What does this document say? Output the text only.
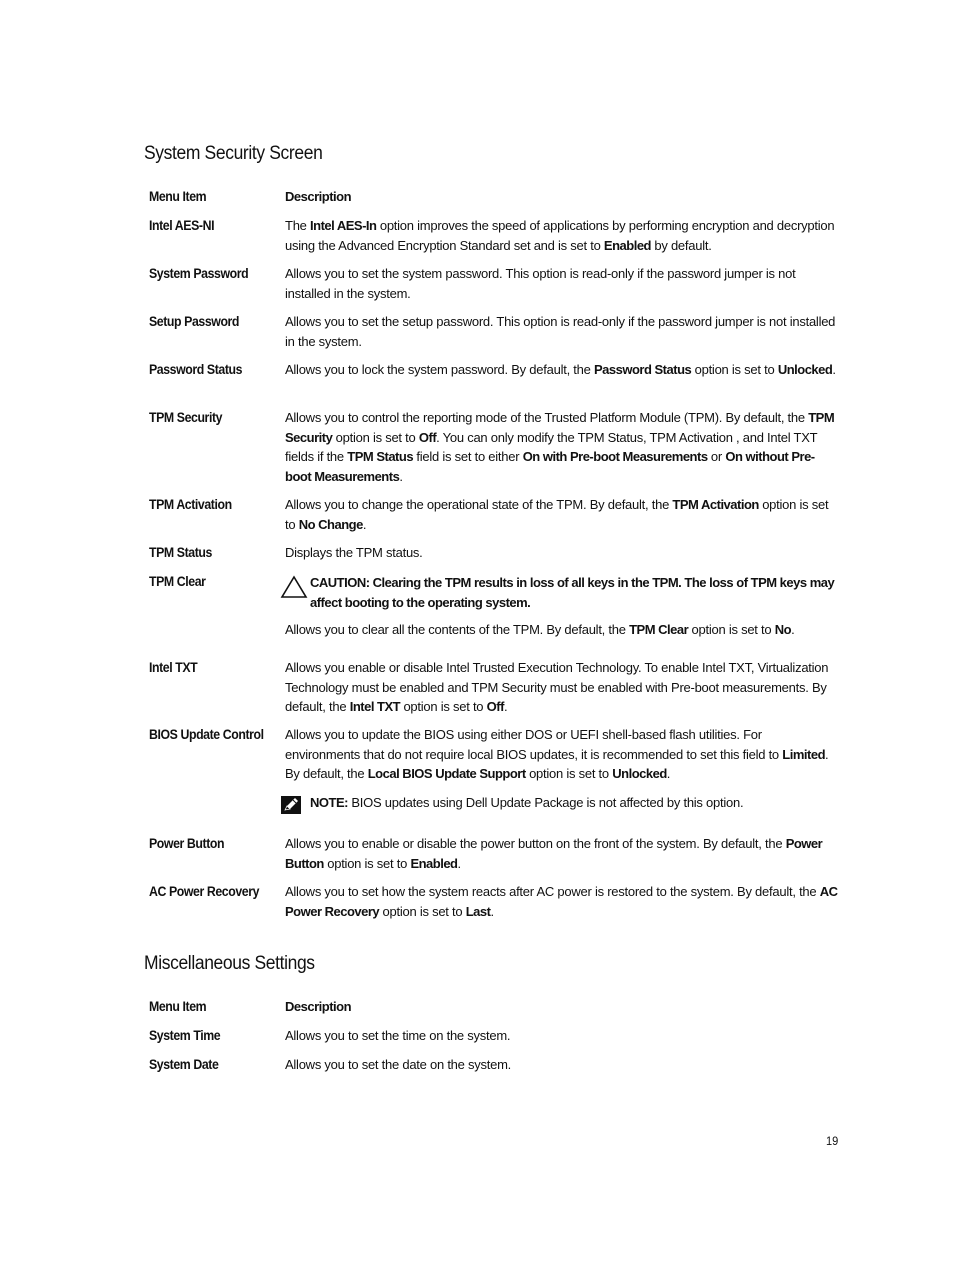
System Security Screen
Menu Item	Description
Intel AES-NI	The Intel AES-In option improves the speed of applications by performing encryption and decryption using the Advanced Encryption Standard set and is set to Enabled by default.
System Password	Allows you to set the system password. This option is read-only if the password jumper is not installed in the system.
Setup Password	Allows you to set the setup password. This option is read-only if the password jumper is not installed in the system.
Password Status	Allows you to lock the system password. By default, the Password Status option is set to Unlocked.
TPM Security	Allows you to control the reporting mode of the Trusted Platform Module (TPM). By default, the TPM Security option is set to Off. You can only modify the TPM Status, TPM Activation , and Intel TXT fields if the TPM Status field is set to either On with Pre-boot Measurements or On without Pre-boot Measurements.
TPM Activation	Allows you to change the operational state of the TPM. By default, the TPM Activation option is set to No Change.
TPM Status	Displays the TPM status.
TPM Clear	CAUTION: Clearing the TPM results in loss of all keys in the TPM. The loss of TPM keys may affect booting to the operating system.
Allows you to clear all the contents of the TPM. By default, the TPM Clear option is set to No.
Intel TXT	Allows you enable or disable Intel Trusted Execution Technology. To enable Intel TXT, Virtualization Technology must be enabled and TPM Security must be enabled with Pre-boot measurements. By default, the Intel TXT option is set to Off.
BIOS Update Control	Allows you to update the BIOS using either DOS or UEFI shell-based flash utilities. For environments that do not require local BIOS updates, it is recommended to set this field to Limited. By default, the Local BIOS Update Support option is set to Unlocked.
NOTE: BIOS updates using Dell Update Package is not affected by this option.
Power Button	Allows you to enable or disable the power button on the front of the system. By default, the Power Button option is set to Enabled.
AC Power Recovery	Allows you to set how the system reacts after AC power is restored to the system. By default, the AC Power Recovery option is set to Last.
Miscellaneous Settings
Menu Item	Description
System Time	Allows you to set the time on the system.
System Date	Allows you to set the date on the system.
19
